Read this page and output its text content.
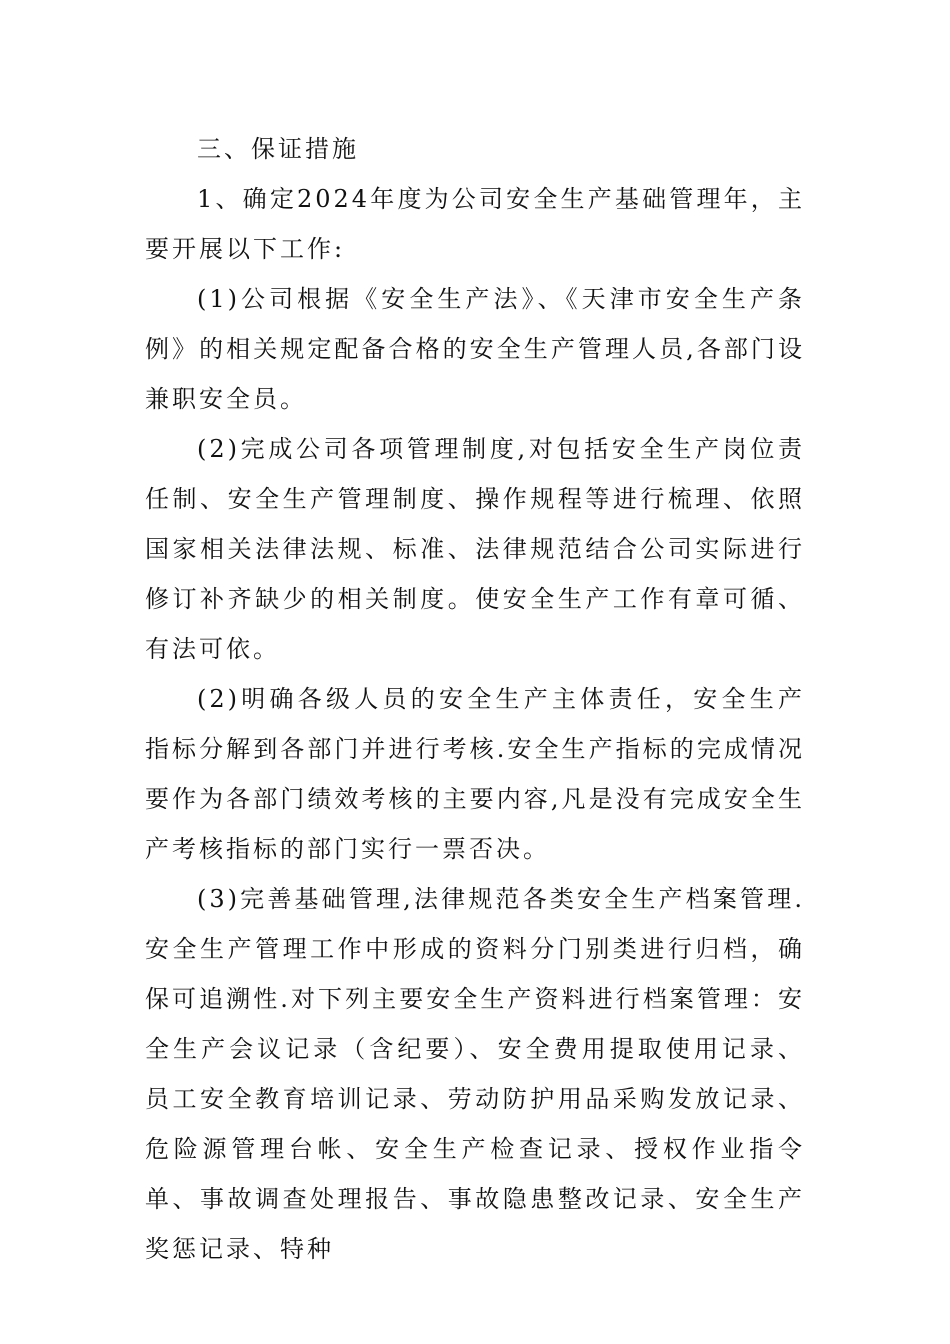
三、保证措施

1、确定2024年度为公司安全生产基础管理年，主要开展以下工作:

(1)公司根据《安全生产法》、《天津市安全生产条例》的相关规定配备合格的安全生产管理人员,各部门设兼职安全员。

(2)完成公司各项管理制度,对包括安全生产岗位责任制、安全生产管理制度、操作规程等进行梳理、依照国家相关法律法规、标准、法律规范结合公司实际进行修订补齐缺少的相关制度。使安全生产工作有章可循、有法可依。

(2)明确各级人员的安全生产主体责任，安全生产指标分解到各部门并进行考核.安全生产指标的完成情况要作为各部门绩效考核的主要内容,凡是没有完成安全生产考核指标的部门实行一票否决。

(3)完善基础管理,法律规范各类安全生产档案管理.安全生产管理工作中形成的资料分门别类进行归档，确保可追溯性.对下列主要安全生产资料进行档案管理：安全生产会议记录（含纪要）、安全费用提取使用记录、员工安全教育培训记录、劳动防护用品采购发放记录、危险源管理台帐、安全生产检查记录、授权作业指令单、事故调查处理报告、事故隐患整改记录、安全生产奖惩记录、特种
